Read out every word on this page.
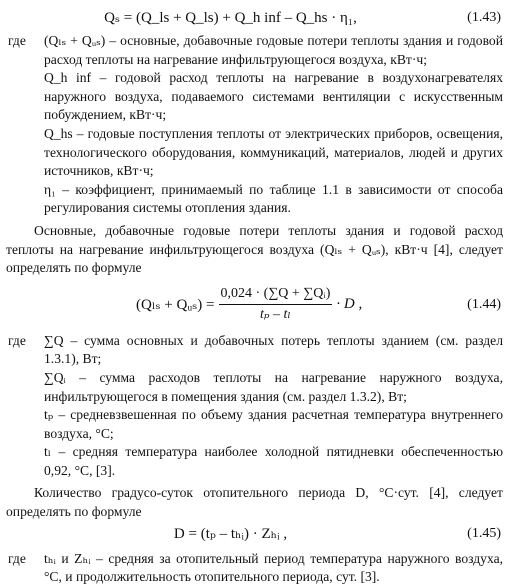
Qₛ = (Q_ls + Q_ls) + Q_h inf – Q_hs · η₁,	(1.43)
где (Qₗₛ + Qᵤₛ) – основные, добавочные годовые потери теплоты здания и годовой расход теплоты на нагревание инфильтрующегося воздуха, кВт·ч;

Q_h inf – годовой расход теплоты на нагревание в воздухонагревателях наружного воздуха, подаваемого системами вентиляции с искусственным побуждением, кВт·ч;

Q_hs – годовые поступления теплоты от электрических приборов, освещения, технологического оборудования, коммуникаций, материалов, людей и других источников, кВт·ч;

η₁ – коэффициент, принимаемый по таблице 1.1 в зависимости от способа регулирования системы отопления здания.

Основные, добавочные годовые потери теплоты здания и годовой расход теплоты на нагревание инфильтрующегося воздуха (Qₗₛ + Qᵤₛ), кВт·ч [4], следует определять по формуле

(Qₗₛ + Qᵤₛ) = $\frac{\text{0,024 · (∑Q + ∑Qᵢ)}}{\text{tₚ – tₗ}} \cdot D$ ,	(1.44)
где ∑Q – сумма основных и добавочных потерь теплоты зданием (см. раздел 1.3.1), Вт;

∑Qᵢ – сумма расходов теплоты на нагревание наружного воздуха, инфильтрующегося в помещения здания (см. раздел 1.3.2), Вт;

tₚ – средневзвешенная по объему здания расчетная температура внутреннего воздуха, °С;

tₗ – средняя температура наиболее холодной пятидневки обеспеченностью 0,92, °С, [3].

Количество градусо-суток отопительного периода D, °С·сут. [4], следует определять по формуле

D = (tₚ – tₕᵢ) · Zₕᵢ ,	(1.45)
где tₕᵢ и Zₕᵢ – средняя за отопительный период температура наружного воздуха, °С, и продолжительность отопительного периода, сут. [3].
